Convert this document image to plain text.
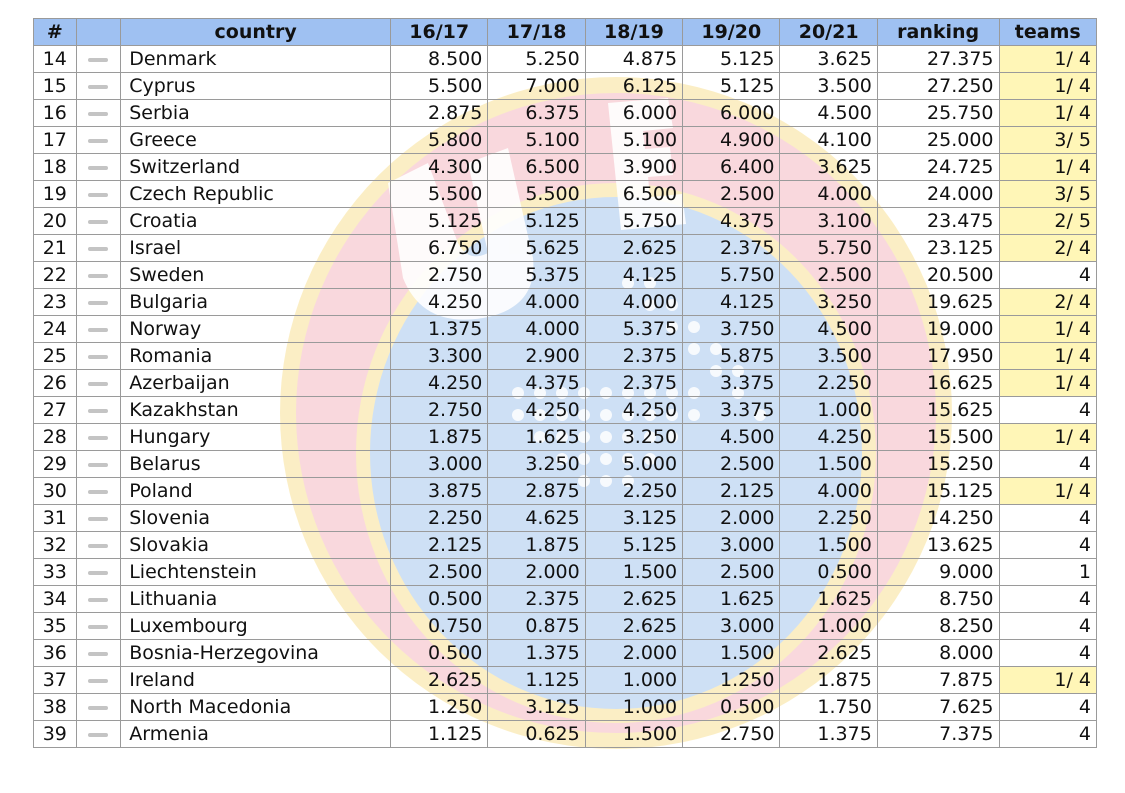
#		country	16/17	17/18	18/19	19/20	20/21	ranking	teams
14		Denmark	8.500	5.250	4.875	5.125	3.625	27.375	1/ 4
15		Cyprus	5.500	7.000	6.125	5.125	3.500	27.250	1/ 4
16		Serbia	2.875	6.375	6.000	6.000	4.500	25.750	1/ 4
17		Greece	5.800	5.100	5.100	4.900	4.100	25.000	3/ 5
18		Switzerland	4.300	6.500	3.900	6.400	3.625	24.725	1/ 4
19		Czech Republic	5.500	5.500	6.500	2.500	4.000	24.000	3/ 5
20		Croatia	5.125	5.125	5.750	4.375	3.100	23.475	2/ 5
21		Israel	6.750	5.625	2.625	2.375	5.750	23.125	2/ 4
22		Sweden	2.750	5.375	4.125	5.750	2.500	20.500	4
23		Bulgaria	4.250	4.000	4.000	4.125	3.250	19.625	2/ 4
24		Norway	1.375	4.000	5.375	3.750	4.500	19.000	1/ 4
25		Romania	3.300	2.900	2.375	5.875	3.500	17.950	1/ 4
26		Azerbaijan	4.250	4.375	2.375	3.375	2.250	16.625	1/ 4
27		Kazakhstan	2.750	4.250	4.250	3.375	1.000	15.625	4
28		Hungary	1.875	1.625	3.250	4.500	4.250	15.500	1/ 4
29		Belarus	3.000	3.250	5.000	2.500	1.500	15.250	4
30		Poland	3.875	2.875	2.250	2.125	4.000	15.125	1/ 4
31		Slovenia	2.250	4.625	3.125	2.000	2.250	14.250	4
32		Slovakia	2.125	1.875	5.125	3.000	1.500	13.625	4
33		Liechtenstein	2.500	2.000	1.500	2.500	0.500	9.000	1
34		Lithuania	0.500	2.375	2.625	1.625	1.625	8.750	4
35		Luxembourg	0.750	0.875	2.625	3.000	1.000	8.250	4
36		Bosnia-Herzegovina	0.500	1.375	2.000	1.500	2.625	8.000	4
37		Ireland	2.625	1.125	1.000	1.250	1.875	7.875	1/ 4
38		North Macedonia	1.250	3.125	1.000	0.500	1.750	7.625	4
39		Armenia	1.125	0.625	1.500	2.750	1.375	7.375	4
